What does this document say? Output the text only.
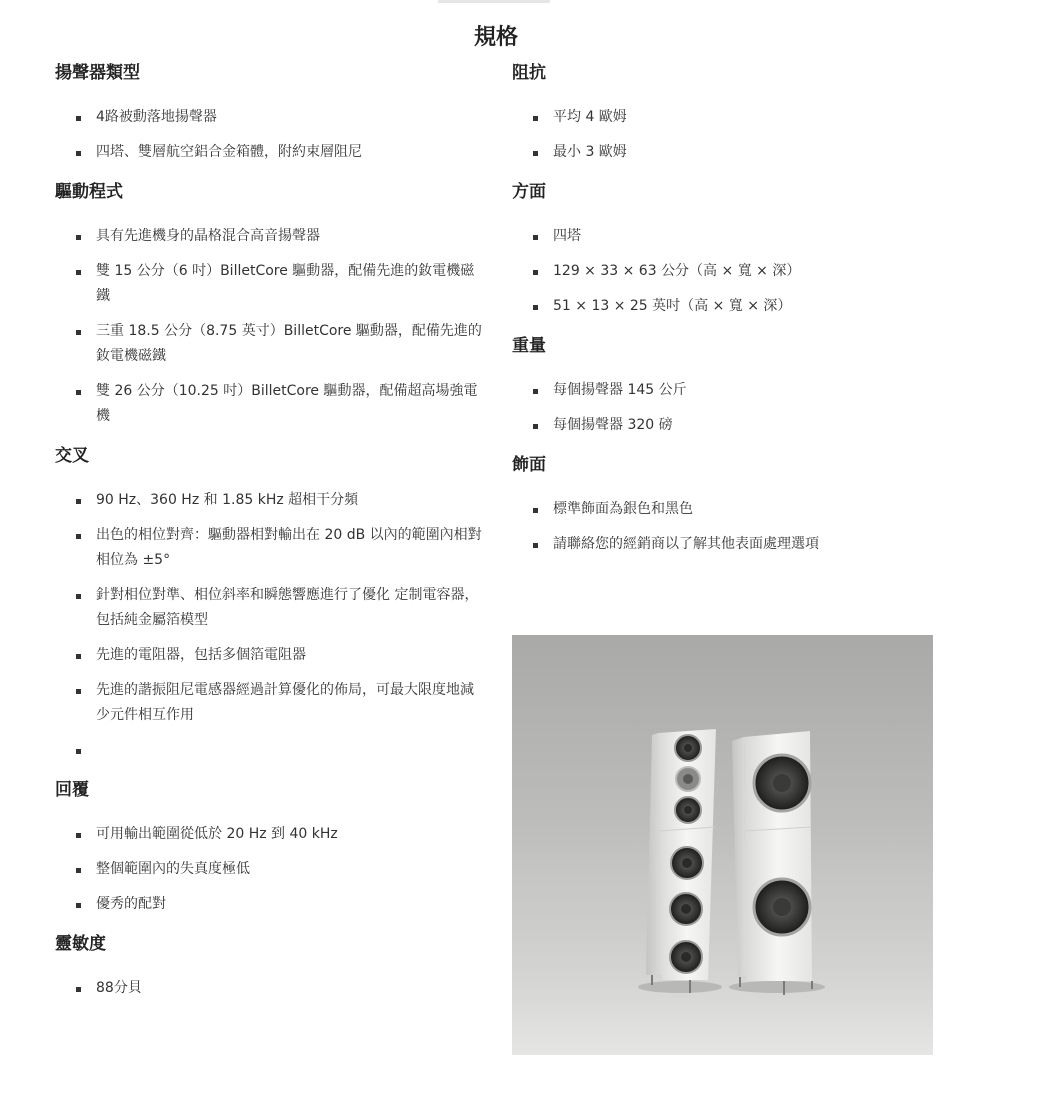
規格
揚聲器類型
4路被動落地揚聲器
四塔、雙層航空鋁合金箱體，附約束層阻尼
驅動程式
具有先進機身的晶格混合高音揚聲器
雙 15 公分（6 吋）BilletCore 驅動器，配備先進的釹電機磁鐵
三重 18.5 公分（8.75 英寸）BilletCore 驅動器，配備先進的釹電機磁鐵
雙 26 公分（10.25 吋）BilletCore 驅動器，配備超高場強電機
交叉
90 Hz、360 Hz 和 1.85 kHz 超相干分頻
出色的相位對齊：驅動器相對輸出在 20 dB 以內的範圍內相對相位為 ±5°
針對相位對準、相位斜率和瞬態響應進行了優化 定制電容器，包括純金屬箔模型
先進的電阻器，包括多個箔電阻器
先進的諧振阻尼電感器經過計算優化的佈局，可最大限度地減少元件相互作用
回覆
可用輸出範圍從低於 20 Hz 到 40 kHz
整個範圍內的失真度極低
優秀的配對
靈敏度
88分貝
阻抗
平均 4 歐姆
最小 3 歐姆
方面
四塔
129 × 33 × 63 公分（高 × 寬 × 深）
51 × 13 × 25 英吋（高 × 寬 × 深）
重量
每個揚聲器 145 公斤
每個揚聲器 320 磅
飾面
標準飾面為銀色和黑色
請聯絡您的經銷商以了解其他表面處理選項
